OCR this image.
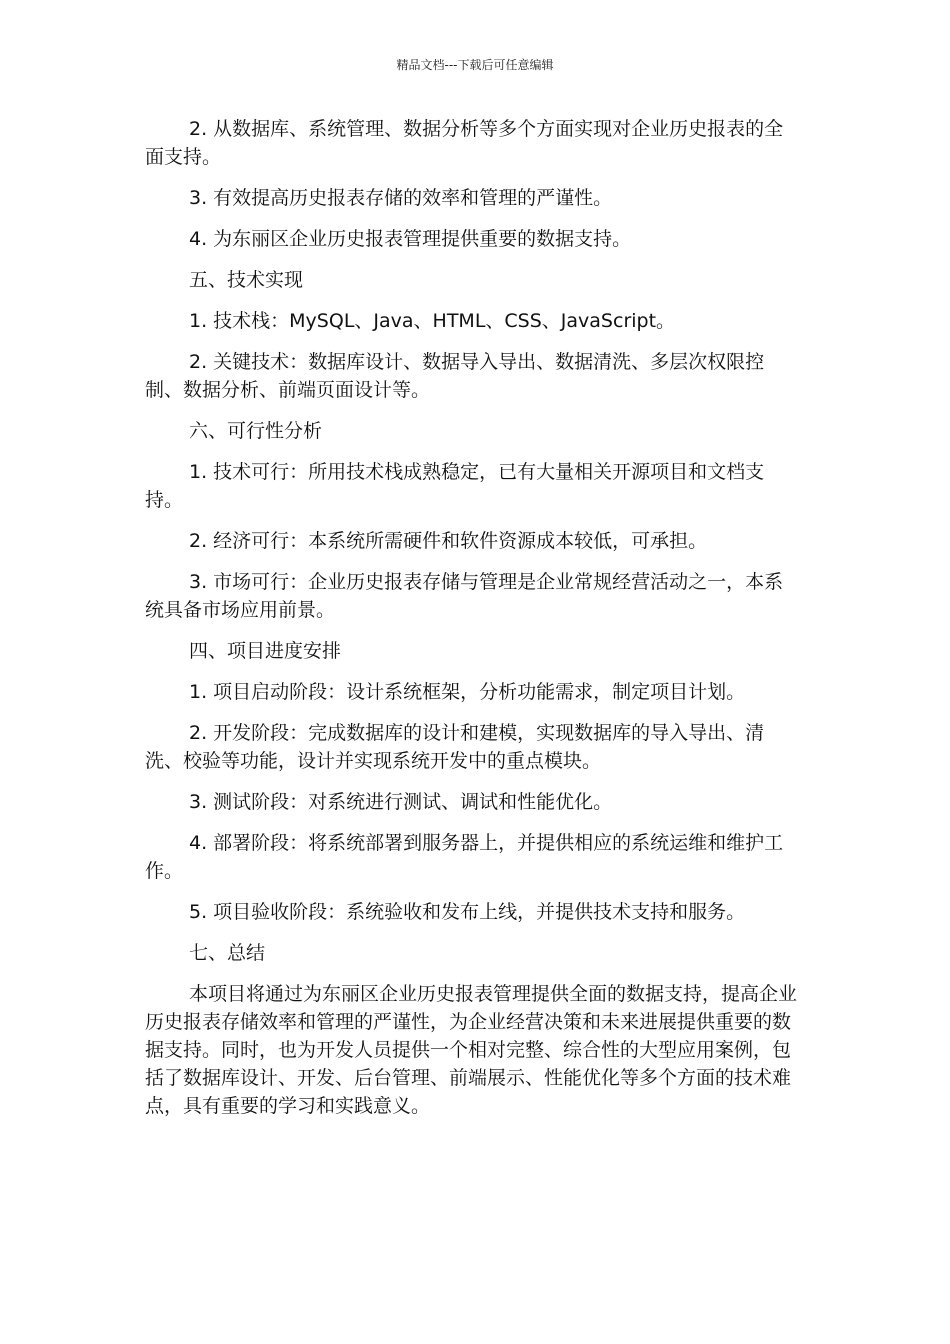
精品文档---下载后可任意编辑

2. 从数据库、系统管理、数据分析等多个方面实现对企业历史报表的全面支持。

3. 有效提高历史报表存储的效率和管理的严谨性。

4. 为东丽区企业历史报表管理提供重要的数据支持。

五、技术实现

1. 技术栈：MySQL、Java、HTML、CSS、JavaScript。

2. 关键技术：数据库设计、数据导入导出、数据清洗、多层次权限控制、数据分析、前端页面设计等。

六、可行性分析

1. 技术可行：所用技术栈成熟稳定，已有大量相关开源项目和文档支持。

2. 经济可行：本系统所需硬件和软件资源成本较低，可承担。

3. 市场可行：企业历史报表存储与管理是企业常规经营活动之一，本系统具备市场应用前景。

四、项目进度安排

1. 项目启动阶段：设计系统框架，分析功能需求，制定项目计划。

2. 开发阶段：完成数据库的设计和建模，实现数据库的导入导出、清洗、校验等功能，设计并实现系统开发中的重点模块。

3. 测试阶段：对系统进行测试、调试和性能优化。

4. 部署阶段：将系统部署到服务器上，并提供相应的系统运维和维护工作。

5. 项目验收阶段：系统验收和发布上线，并提供技术支持和服务。

七、总结

本项目将通过为东丽区企业历史报表管理提供全面的数据支持，提高企业历史报表存储效率和管理的严谨性，为企业经营决策和未来进展提供重要的数据支持。同时，也为开发人员提供一个相对完整、综合性的大型应用案例，包括了数据库设计、开发、后台管理、前端展示、性能优化等多个方面的技术难点，具有重要的学习和实践意义。
